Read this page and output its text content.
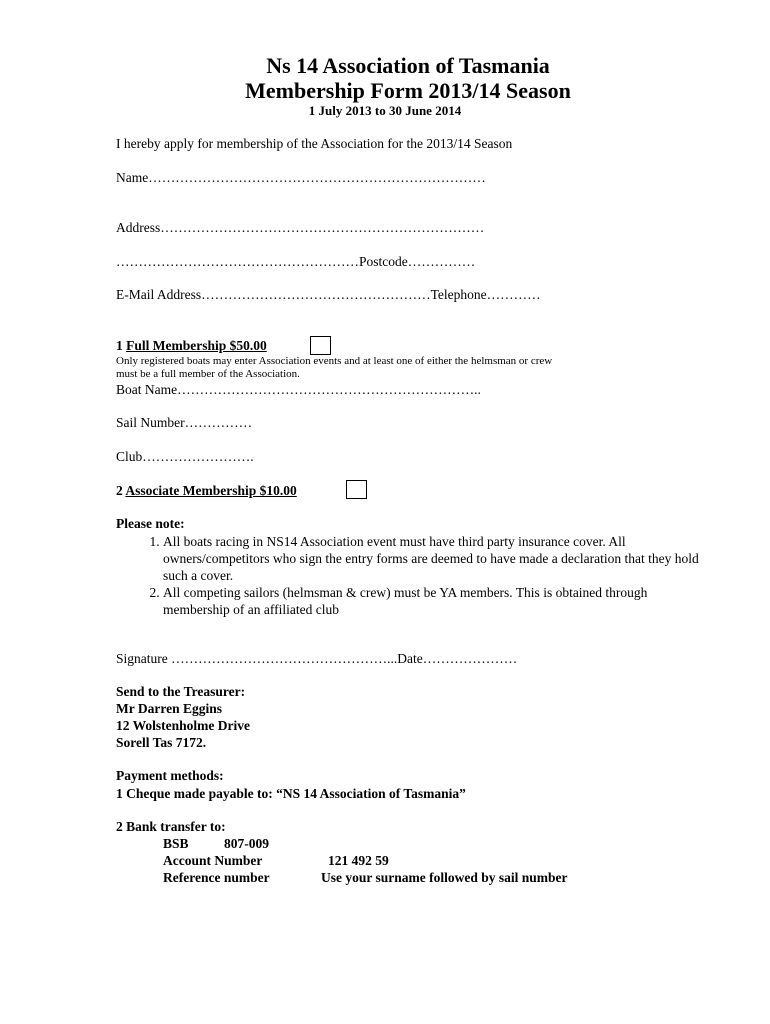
Ns 14 Association of Tasmania
Membership Form 2013/14 Season
1 July 2013 to 30 June 2014
I hereby apply for membership of the Association for the 2013/14 Season
Name…………………………………………………………………
Address………………………………………………………………
………………………………………………Postcode……………
E-Mail Address……………………………………………Telephone…………
1 Full Membership $50.00
Only registered boats may enter Association events and at least one of either the helmsman or crew
must be a full member of the Association.
Boat Name…………………………………………………………..
Sail Number……………
Club…………………….
2 Associate Membership $10.00
Please note:
1. All boats racing in NS14 Association event must have third party insurance cover. All owners/competitors who sign the entry forms are deemed to have made a declaration that they hold such a cover.
2. All competing sailors (helmsman & crew) must be YA members. This is obtained through membership of an affiliated club
Signature …………………………………………...Date…………………
Send to the Treasurer:
Mr Darren Eggins
12 Wolstenholme Drive
Sorell Tas 7172.
Payment methods:
1 Cheque made payable to: “NS 14 Association of Tasmania”
2 Bank transfer to:
BSB	807-009
Account Number	121 492 59
Reference number	Use your surname followed by sail number
